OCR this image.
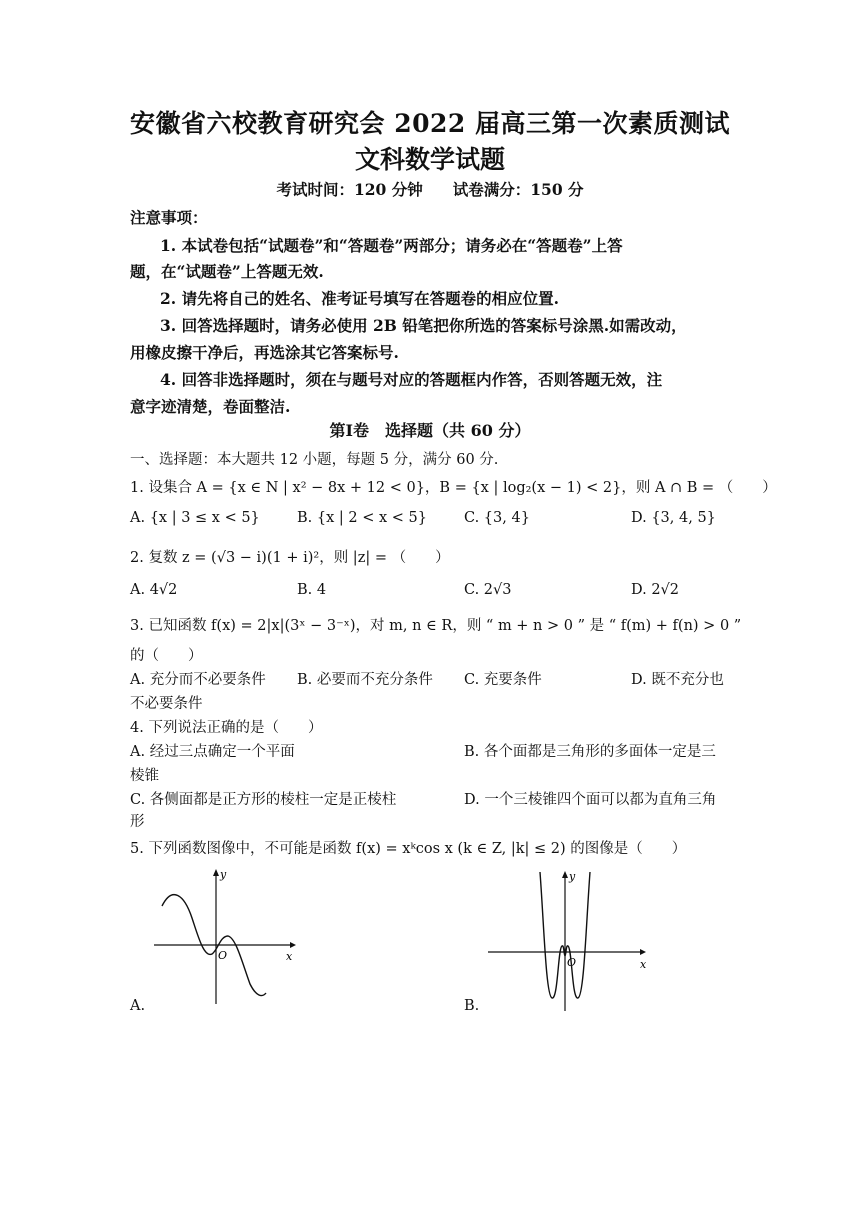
安徽省六校教育研究会 2022 届高三第一次素质测试
文科数学试题
考试时间：120 分钟 试卷满分：150 分
注意事项：
1. 本试卷包括“试题卷”和“答题卷”两部分；请务必在“答题卷”上答
题，在“试题卷”上答题无效.
2. 请先将自己的姓名、准考证号填写在答题卷的相应位置.
3. 回答选择题时，请务必使用 2B 铅笔把你所选的答案标号涂黑.如需改动，
用橡皮擦干净后，再选涂其它答案标号.
4. 回答非选择题时，须在与题号对应的答题框内作答，否则答题无效，注
意字迹清楚，卷面整洁.
第Ⅰ卷　选择题（共 60 分）
一、选择题：本大题共 12 小题，每题 5 分，满分 60 分.
1. 设集合 A = {x ∈ N | x² − 8x + 12 < 0}，B = {x | log₂(x − 1) < 2}，则 A ∩ B = （　　）
A. {x | 3 ≤ x < 5}	B. {x | 2 < x < 5}	C. {3, 4}	D. {3, 4, 5}
2. 复数 z = (√3 − i)(1 + i)²，则 |z| = （　　）
A. 4√2	B. 4	C. 2√3	D. 2√2
3. 已知函数 f(x) = 2|x|(3ˣ − 3⁻ˣ)，对 m, n ∈ R，则 “ m + n > 0 ” 是 “ f(m) + f(n) > 0 ”
的（　　）
A. 充分而不必要条件 B. 必要而不充分条件 C. 充要条件	D. 既不充分也
不必要条件
4. 下列说法正确的是（　　）
A. 经过三点确定一个平面	B. 各个面都是三角形的多面体一定是三
棱锥
C. 各侧面都是正方形的棱柱一定是正棱柱	D. 一个三棱锥四个面可以都为直角三角
形
5. 下列函数图像中，不可能是函数 f(x) = xᵏcos x (k ∈ Z, |k| ≤ 2) 的图像是（　　）
y
x
O
A.
y
x
O
B.
